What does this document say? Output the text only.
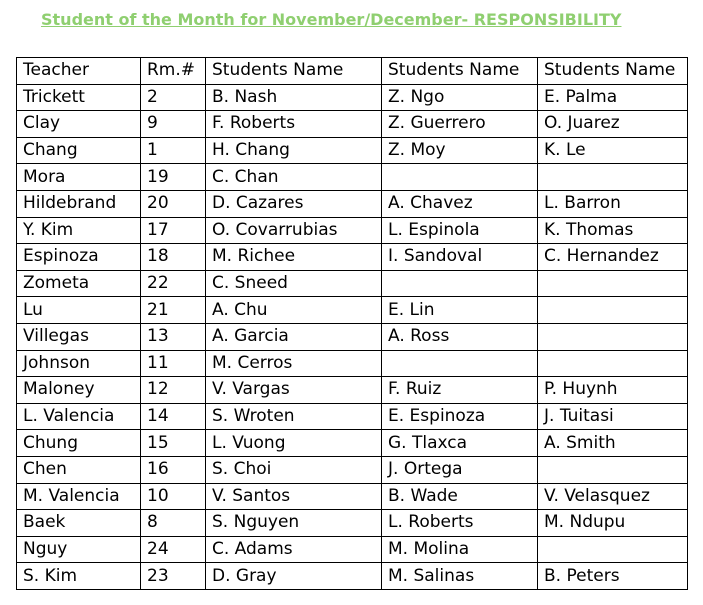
Student of the Month for November/December- RESPONSIBILITY
Teacher	Rm.#	Students Name	Students Name	Students Name
Trickett	2	B. Nash	Z. Ngo	E. Palma
Clay	9	F. Roberts	Z. Guerrero	O. Juarez
Chang	1	H. Chang	Z. Moy	K. Le
Mora	19	C. Chan		
Hildebrand	20	D. Cazares	A. Chavez	L. Barron
Y. Kim	17	O. Covarrubias	L. Espinola	K. Thomas
Espinoza	18	M. Richee	I. Sandoval	C. Hernandez
Zometa	22	C. Sneed		
Lu	21	A. Chu	E. Lin	
Villegas	13	A. Garcia	A. Ross	
Johnson	11	M. Cerros		
Maloney	12	V. Vargas	F. Ruiz	P. Huynh
L. Valencia	14	S. Wroten	E. Espinoza	J. Tuitasi
Chung	15	L. Vuong	G. Tlaxca	A. Smith
Chen	16	S. Choi	J. Ortega	
M. Valencia	10	V. Santos	B. Wade	V. Velasquez
Baek	8	S. Nguyen	L. Roberts	M. Ndupu
Nguy	24	C. Adams	M. Molina	
S. Kim	23	D. Gray	M. Salinas	B. Peters
